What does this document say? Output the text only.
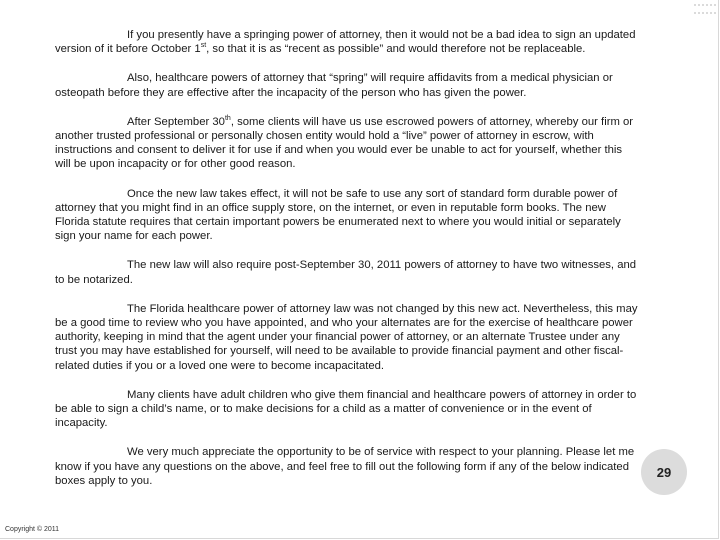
If you presently have a springing power of attorney, then it would not be a bad idea to sign an updated version of it before October 1st, so that it is as “recent as possible” and would therefore not be replaceable.

Also, healthcare powers of attorney that “spring” will require affidavits from a medical physician or osteopath before they are effective after the incapacity of the person who has given the power.

After September 30th, some clients will have us use escrowed powers of attorney, whereby our firm or another trusted professional or personally chosen entity would hold a “live” power of attorney in escrow, with instructions and consent to deliver it for use if and when you would ever be unable to act for yourself, whether this will be upon incapacity or for other good reason.

Once the new law takes effect, it will not be safe to use any sort of standard form durable power of attorney that you might find in an office supply store, on the internet, or even in reputable form books. The new Florida statute requires that certain important powers be enumerated next to where you would initial or separately sign your name for each power.

The new law will also require post-September 30, 2011 powers of attorney to have two witnesses, and to be notarized.

The Florida healthcare power of attorney law was not changed by this new act. Nevertheless, this may be a good time to review who you have appointed, and who your alternates are for the exercise of healthcare power authority, keeping in mind that the agent under your financial power of attorney, or an alternate Trustee under any trust you may have established for yourself, will need to be available to provide financial payment and other fiscal-related duties if you or a loved one were to become incapacitated.

Many clients have adult children who give them financial and healthcare powers of attorney in order to be able to sign a child’s name, or to make decisions for a child as a matter of convenience or in the event of incapacity.

We very much appreciate the opportunity to be of service with respect to your planning. Please let me know if you have any questions on the above, and feel free to fill out the following form if any of the below indicated boxes apply to you.

29
Copyright © 2011
